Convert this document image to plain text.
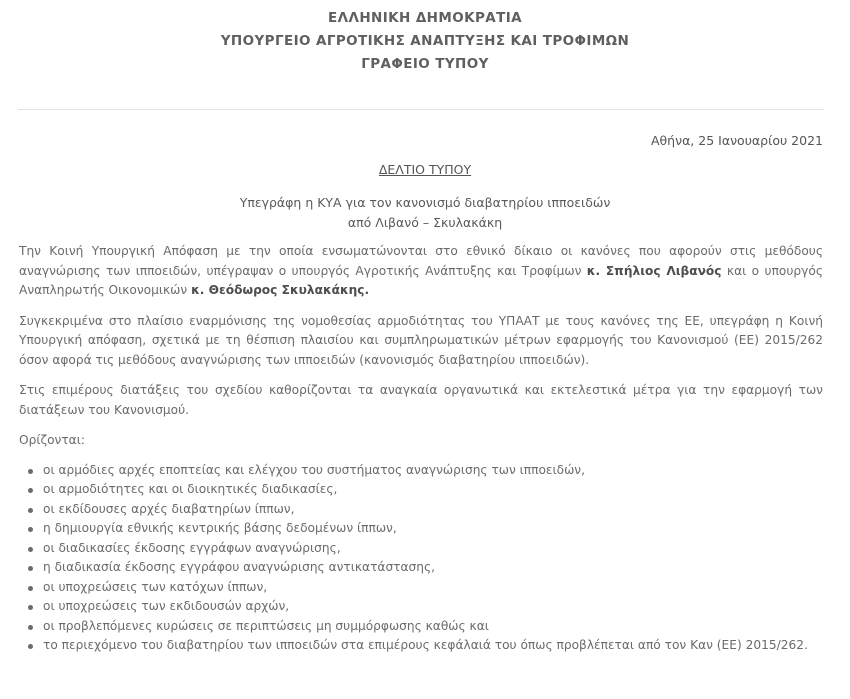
ΕΛΛΗΝΙΚΗ ΔΗΜΟΚΡΑΤΙΑ
ΥΠΟΥΡΓΕΙΟ ΑΓΡΟΤΙΚΗΣ ΑΝΑΠΤΥΞΗΣ ΚΑΙ ΤΡΟΦΙΜΩΝ
ΓΡΑΦΕΙΟ ΤΥΠΟΥ
Αθήνα, 25 Ιανουαρίου 2021
ΔΕΛΤΙΟ ΤΥΠΟΥ
Υπεγράφη η ΚΥΑ για τον κανονισμό διαβατηρίου ιπποειδών
από Λιβανό – Σκυλακάκη

Την Κοινή Υπουργική Απόφαση με την οποία ενσωματώνονται στο εθνικό δίκαιο οι κανόνες που αφορούν στις μεθόδους αναγνώρισης των ιπποειδών, υπέγραψαν ο υπουργός Αγροτικής Ανάπτυξης και Τροφίμων κ. Σπήλιος Λιβανός και ο υπουργός Αναπληρωτής Οικονομικών κ. Θεόδωρος Σκυλακάκης.

Συγκεκριμένα στο πλαίσιο εναρμόνισης της νομοθεσίας αρμοδιότητας του ΥΠΑΑΤ με τους κανόνες της ΕΕ, υπεγράφη η Κοινή Υπουργική απόφαση, σχετικά με τη θέσπιση πλαισίου και συμπληρωματικών μέτρων εφαρμογής του Κανονισμού (ΕΕ) 2015/262 όσον αφορά τις μεθόδους αναγνώρισης των ιπποειδών (κανονισμός διαβατηρίου ιπποειδών).

Στις επιμέρους διατάξεις του σχεδίου καθορίζονται τα αναγκαία οργανωτικά και εκτελεστικά μέτρα για την εφαρμογή των διατάξεων του Κανονισμού.

Ορίζονται:

οι αρμόδιες αρχές εποπτείας και ελέγχου του συστήματος αναγνώρισης των ιπποειδών,
οι αρμοδιότητες και οι διοικητικές διαδικασίες,
οι εκδίδουσες αρχές διαβατηρίων ίππων,
η δημιουργία εθνικής κεντρικής βάσης δεδομένων ίππων,
οι διαδικασίες έκδοσης εγγράφων αναγνώρισης,
η διαδικασία έκδοσης εγγράφου αναγνώρισης αντικατάστασης,
οι υποχρεώσεις των κατόχων ίππων,
οι υποχρεώσεις των εκδιδουσών αρχών,
οι προβλεπόμενες κυρώσεις σε περιπτώσεις μη συμμόρφωσης καθώς και
το περιεχόμενο του διαβατηρίου των ιπποειδών στα επιμέρους κεφάλαιά του όπως προβλέπεται από τον Καν (ΕΕ) 2015/262.
